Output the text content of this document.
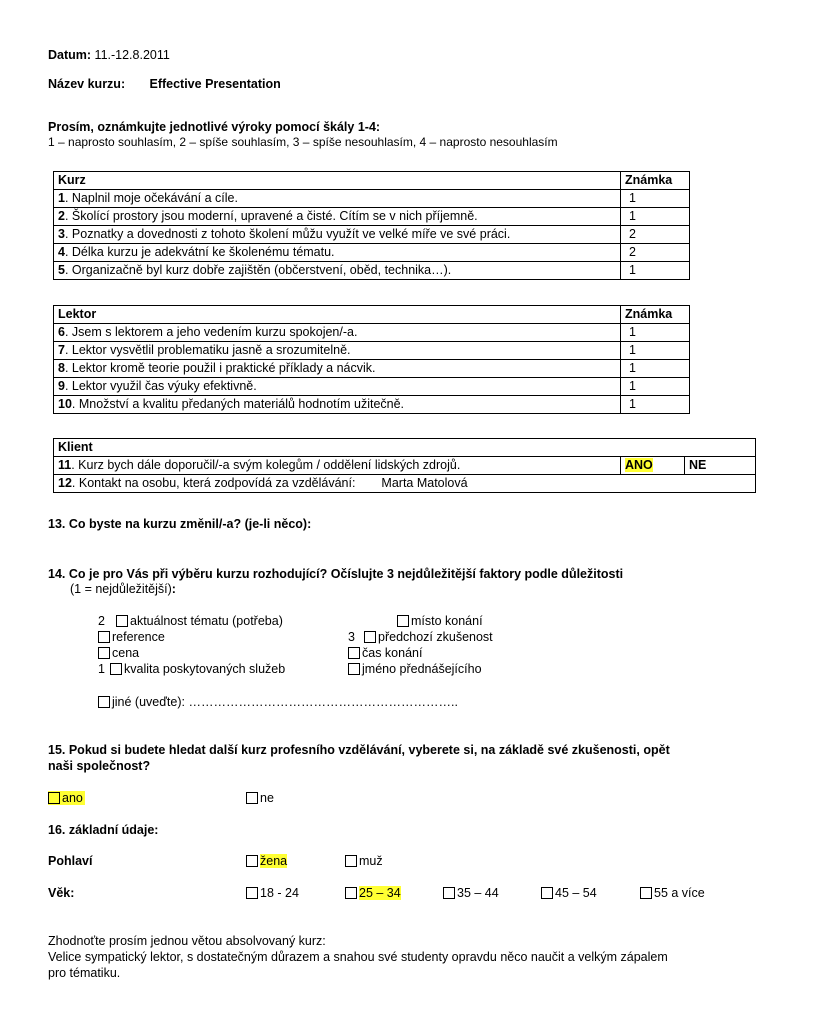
Datum: 11.-12.8.2011
Název kurzu: Effective Presentation
Prosím, oznámkujte jednotlivé výroky pomocí škály 1-4:
1 – naprosto souhlasím, 2 – spíše souhlasím, 3 – spíše nesouhlasím, 4 – naprosto nesouhlasím
Kurz	Známka
1. Naplnil moje očekávání a cíle.	1
2. Školící prostory jsou moderní, upravené a čisté. Cítím se v nich příjemně.	1
3. Poznatky a dovednosti z tohoto školení můžu využít ve velké míře ve své práci.	2
4. Délka kurzu je adekvátní ke školenému tématu.	2
5. Organizačně byl kurz dobře zajištěn (občerstvení, oběd, technika…).	1
Lektor	Známka
6. Jsem s lektorem a jeho vedením kurzu spokojen/-a.	1
7. Lektor vysvětlil problematiku jasně a srozumitelně.	1
8. Lektor kromě teorie použil i praktické příklady a nácvik.	1
9. Lektor využil čas výuky efektivně.	1
10. Množství a kvalitu předaných materiálů hodnotím užitečně.	1
Klient
11. Kurz bych dále doporučil/-a svým kolegům / oddělení lidských zdrojů.	ANO	NE
12. Kontakt na osobu, která zodpovídá za vzdělávání: Marta Matolová
13. Co byste na kurzu změnil/-a? (je-li něco):
14. Co je pro Vás při výběru kurzu rozhodující? Očíslujte 3 nejdůležitější faktory podle důležitosti
(1 = nejdůležitější):
2 aktuálnost tématu (potřeba)
reference
cena
1 kvalita poskytovaných služeb
místo konání
3 předchozí zkušenost
čas konání
jméno přednášejícího
jiné (uveďte): ………………………………………………………..
15. Pokud si budete hledat další kurz profesního vzdělávání, vyberete si, na základě své zkušenosti, opět
naši společnost?
ano	ne
16. základní údaje:
Pohlaví	žena	muž
Věk:	18 - 24	25 – 34	35 – 44	45 – 54	55 a více
Zhodnoťte prosím jednou větou absolvovaný kurz:
Velice sympatický lektor, s dostatečným důrazem a snahou své studenty opravdu něco naučit a velkým zápalem
pro tématiku.
